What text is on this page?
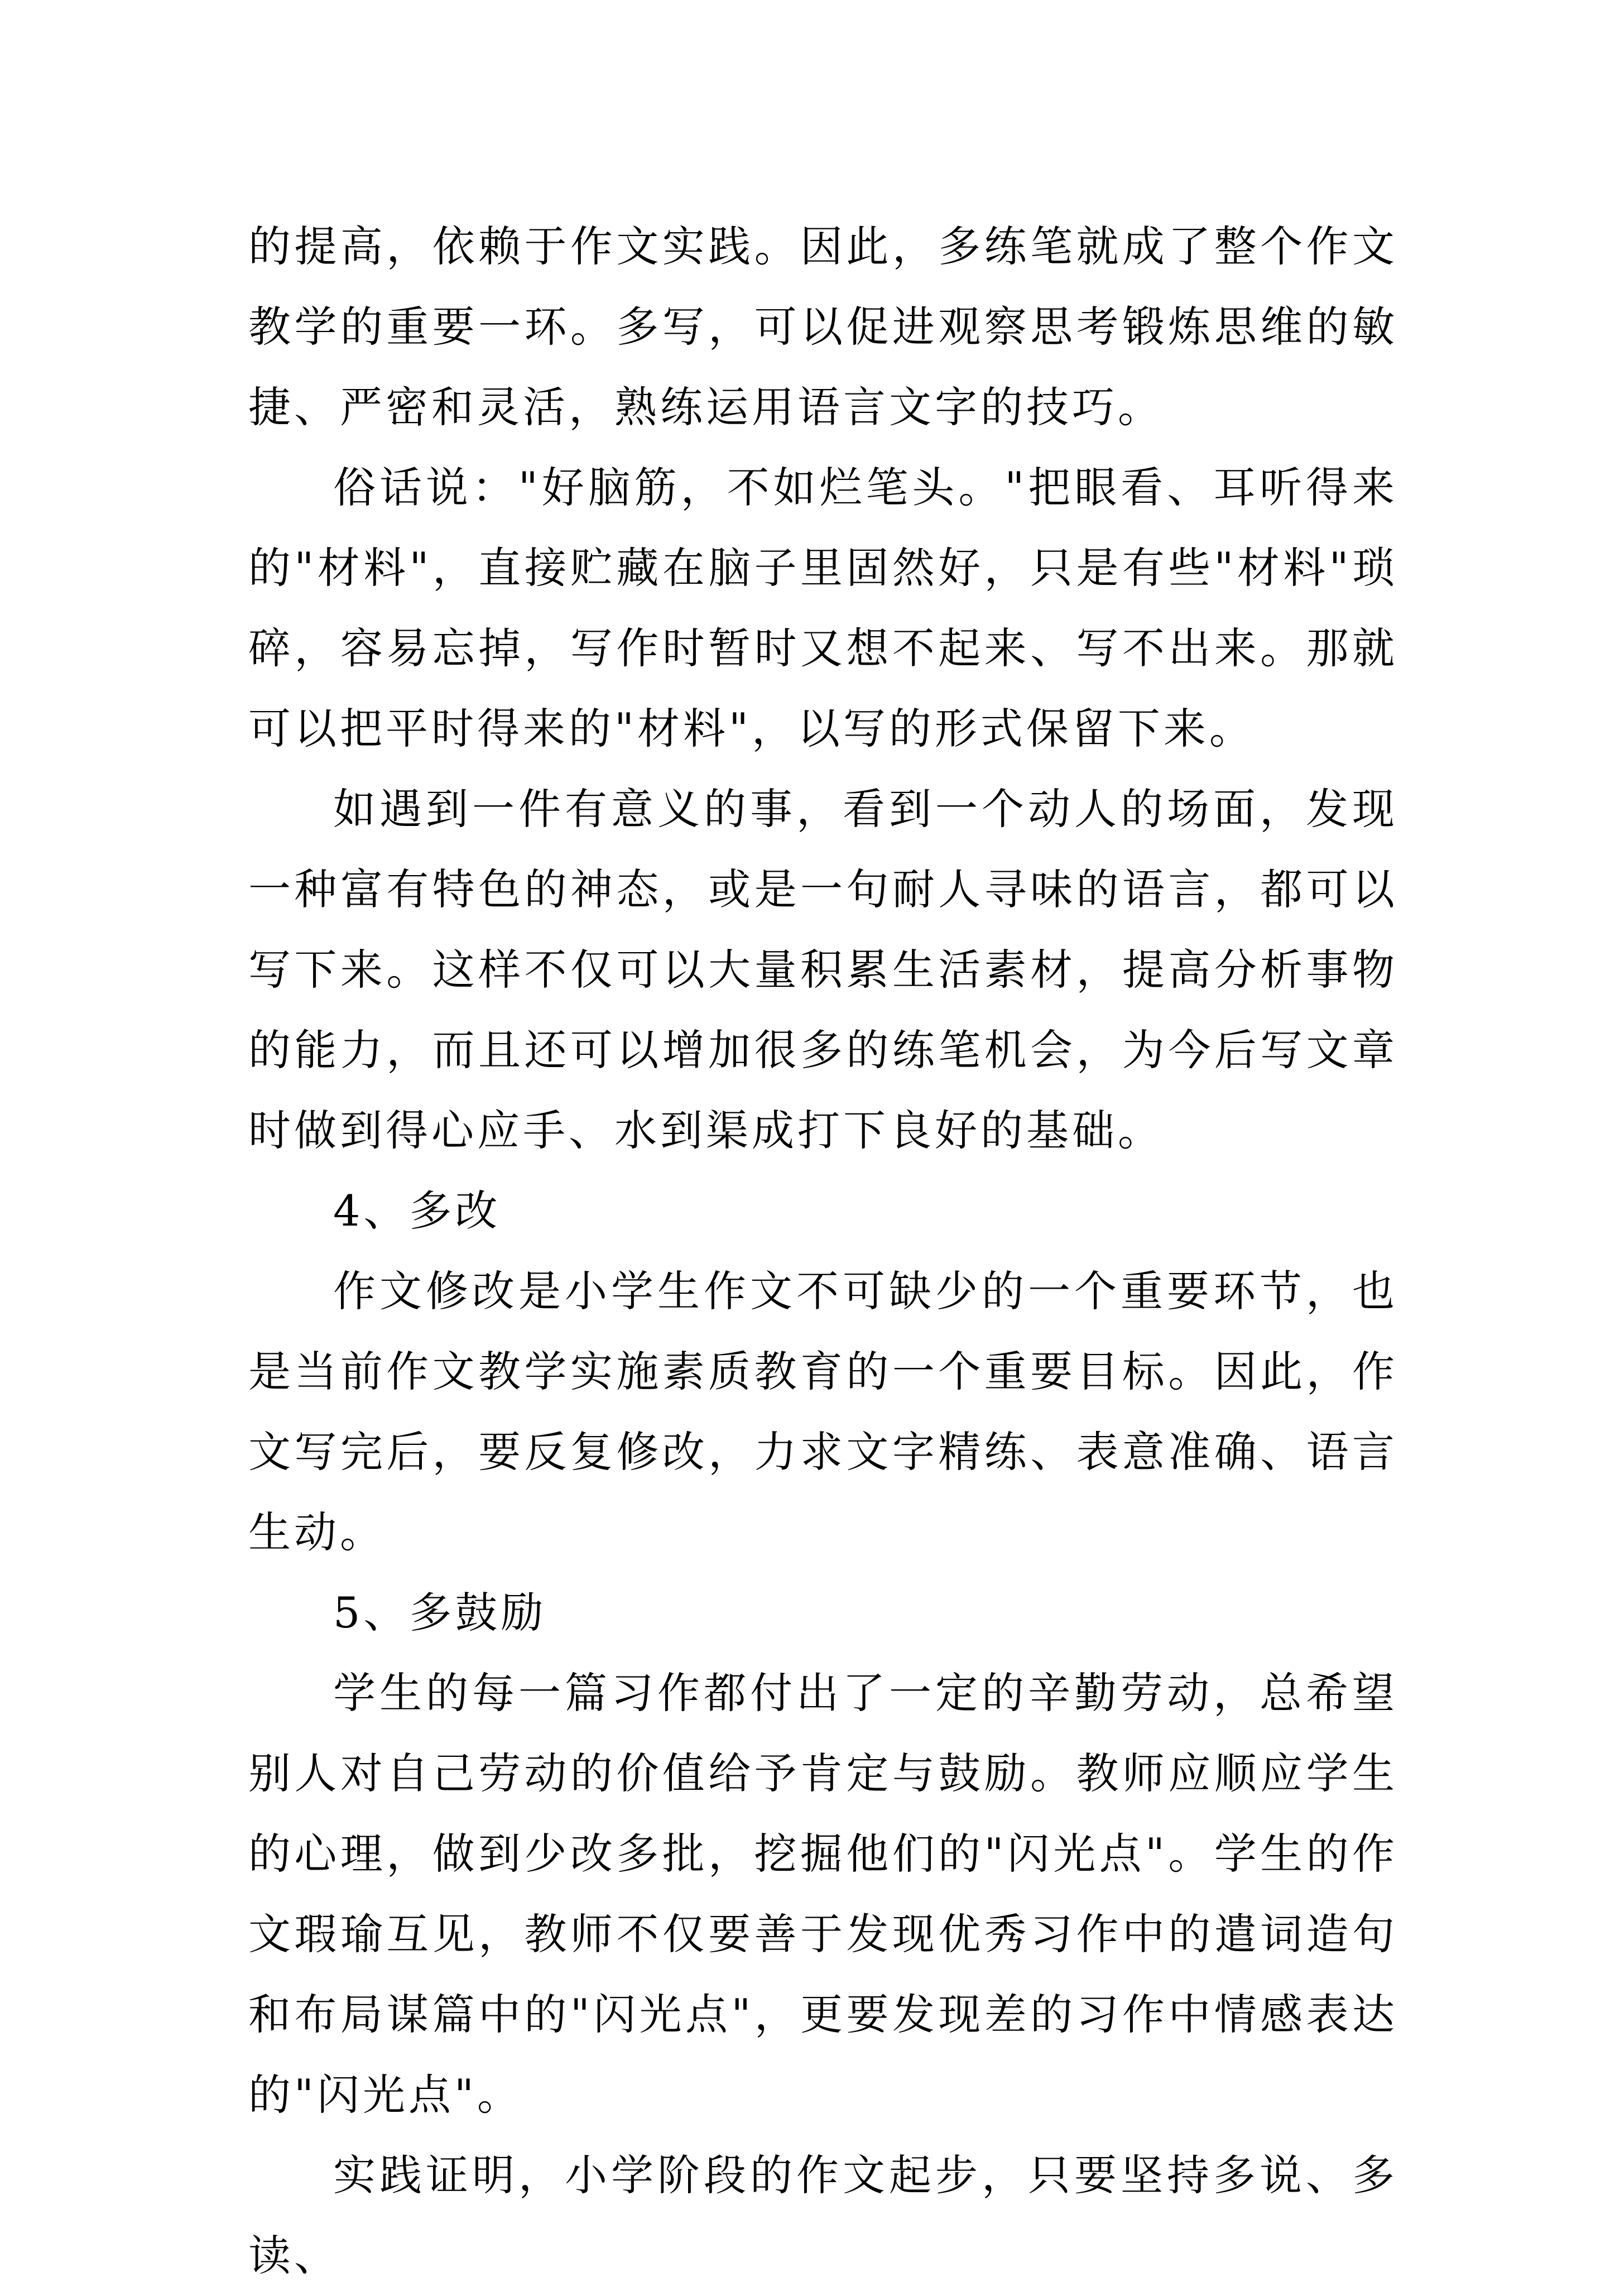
的提高，依赖于作文实践。因此，多练笔就成了整个作文教学的重要一环。多写，可以促进观察思考锻炼思维的敏捷、严密和灵活，熟练运用语言文字的技巧。

俗话说："好脑筋，不如烂笔头。"把眼看、耳听得来的"材料"，直接贮藏在脑子里固然好，只是有些"材料"琐碎，容易忘掉，写作时暂时又想不起来、写不出来。那就可以把平时得来的"材料"，以写的形式保留下来。

如遇到一件有意义的事，看到一个动人的场面，发现一种富有特色的神态，或是一句耐人寻味的语言，都可以写下来。这样不仅可以大量积累生活素材，提高分析事物的能力，而且还可以增加很多的练笔机会，为今后写文章时做到得心应手、水到渠成打下良好的基础。

4、多改

作文修改是小学生作文不可缺少的一个重要环节，也是当前作文教学实施素质教育的一个重要目标。因此，作文写完后，要反复修改，力求文字精练、表意准确、语言生动。

5、多鼓励

学生的每一篇习作都付出了一定的辛勤劳动，总希望别人对自己劳动的价值给予肯定与鼓励。教师应顺应学生的心理，做到少改多批，挖掘他们的"闪光点"。学生的作文瑕瑜互见，教师不仅要善于发现优秀习作中的遣词造句和布局谋篇中的"闪光点"，更要发现差的习作中情感表达的"闪光点"。

实践证明，小学阶段的作文起步，只要坚持多说、多读、
